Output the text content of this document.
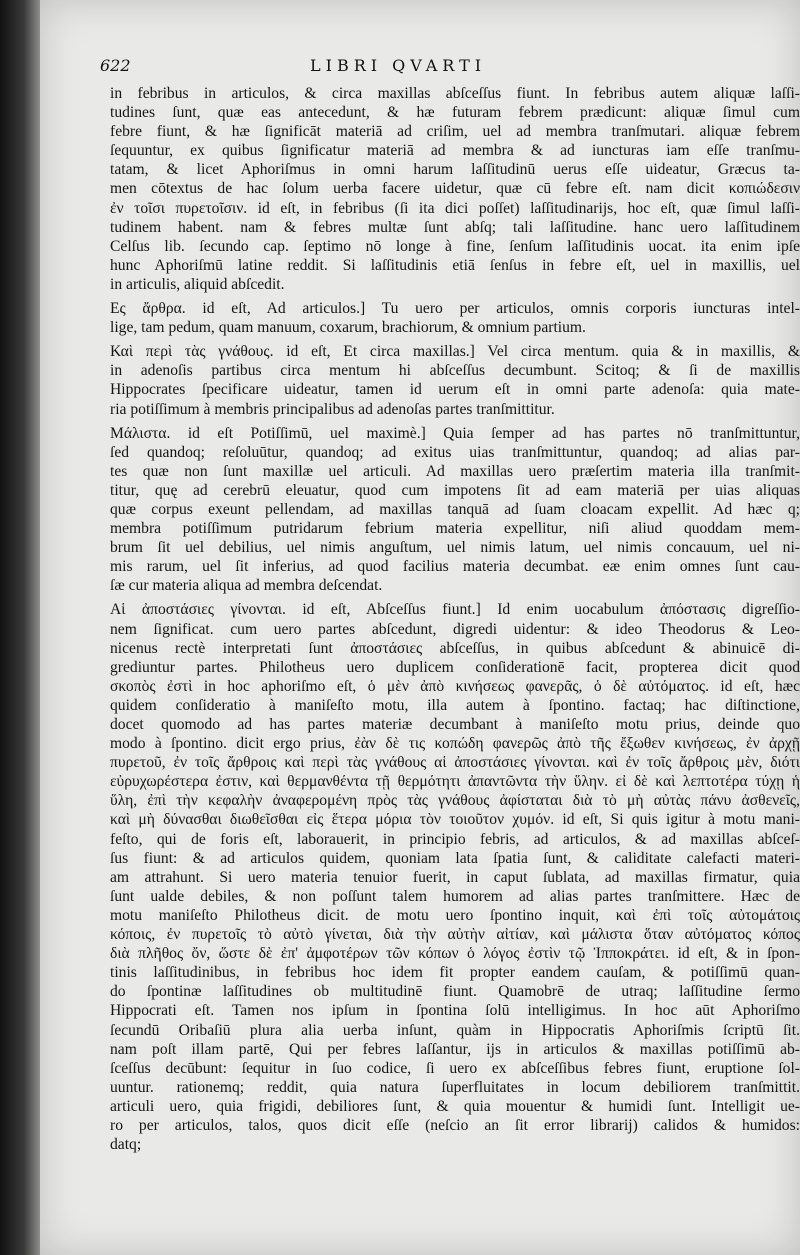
622	LIBRI QVARTI
in febribus in articulos, & circa maxillas abſceſſus fiunt. In febribus autem aliquæ laſſi-
tudines ſunt, quæ eas antecedunt, & hæ futuram febrem prædicunt: aliquæ ſimul cum
febre fiunt, & hæ ſignificāt materiā ad criſim, uel ad membra tranſmutari. aliquæ febrem
ſequuntur, ex quibus ſignificatur materiā ad membra & ad iuncturas iam eſſe tranſmu-
tatam, & licet Aphoriſmus in omni harum laſſitudinū uerus eſſe uideatur, Græcus ta-
men cōtextus de hac ſolum uerba facere uidetur, quæ cū febre eſt. nam dicit κοπιώδεσιν
ἐν τοῖσι πυρετοῖσιν. id eſt, in febribus (ſi ita dici poſſet) laſſitudinarijs, hoc eſt, quæ ſimul laſſi-
tudinem habent. nam & febres multæ ſunt abſq; tali laſſitudine. hanc uero laſſitudinem
Celſus lib. ſecundo cap. ſeptimo nō longe à fine, ſenſum laſſitudinis uocat. ita enim ipſe
hunc Aphoriſmū latine reddit. Si laſſitudinis etiā ſenſus in febre eſt, uel in maxillis, uel
in articulis, aliquid abſcedit.
Ες ἄρθρα. id eſt, Ad articulos.] Tu uero per articulos, omnis corporis iuncturas intel-
lige, tam pedum, quam manuum, coxarum, brachiorum, & omnium partium.
Καὶ περὶ τὰς γνάθους. id eſt, Et circa maxillas.] Vel circa mentum. quia & in maxillis, &
in adenoſis partibus circa mentum hi abſceſſus decumbunt. Scitoq; & ſi de maxillis
Hippocrates ſpecificare uideatur, tamen id uerum eſt in omni parte adenoſa: quia mate-
ria potiſſimum à membris principalibus ad adenoſas partes tranſmittitur.
Μάλιστα. id eſt Potiſſimū, uel maximè.] Quia ſemper ad has partes nō tranſmittuntur,
ſed quandoq; reſoluūtur, quandoq; ad exitus uias tranſmittuntur, quandoq; ad alias par-
tes quæ non ſunt maxillæ uel articuli. Ad maxillas uero præſertim materia illa tranſmit-
titur, quę ad cerebrū eleuatur, quod cum impotens ſit ad eam materiā per uias aliquas
quæ corpus exeunt pellendam, ad maxillas tanquā ad ſuam cloacam expellit. Ad hæc q;
membra potiſſimum putridarum febrium materia expellitur, niſi aliud quoddam mem-
brum ſit uel debilius, uel nimis anguſtum, uel nimis latum, uel nimis concauum, uel ni-
mis rarum, uel ſit inferius, ad quod facilius materia decumbat. eæ enim omnes ſunt cau-
ſæ cur materia aliqua ad membra deſcendat.
Αἱ ἀποστάσιες γίνονται. id eſt, Abſceſſus fiunt.] Id enim uocabulum ἀπόστασις digreſſio-
nem ſignificat. cum uero partes abſcedunt, digredi uidentur: & ideo Theodorus & Leo-
nicenus rectè interpretati ſunt ἀποστάσιες abſceſſus, in quibus abſcedunt & abinuicē di-
grediuntur partes. Philotheus uero duplicem conſiderationē facit, propterea dicit quod
σκοπὸς ἐστὶ in hoc aphoriſmo eſt, ὁ μὲν ἀπὸ κινήσεως φανερᾶς, ὁ δὲ αὐτόματος. id eſt, hæc
quidem conſideratio à maniſeſto motu, illa autem à ſpontino. factaq; hac diſtinctione,
docet quomodo ad has partes materiæ decumbant à maniſeſto motu prius, deinde quo
modo à ſpontino. dicit ergo prius, ἐὰν δὲ τις κοπώδη φανερῶς ἀπὸ τῆς ἔξωθεν κινήσεως, ἐν ἀρχῇ
πυρετοῦ, ἐν τοῖς ἄρθροις καὶ περὶ τὰς γνάθους αἱ ἀποστάσιες γίνονται. καὶ ἐν τοῖς ἄρθροις μὲν, διότι
εὐρυχωρέστερα ἐστιν, καὶ θερμανθέντα τῇ θερμότητι ἀπαντῶντα τὴν ὕλην. εἰ δὲ καὶ λεπτοτέρα τύχῃ ἡ
ὕλη, ἐπὶ τὴν κεφαλὴν ἀναφερομένη πρὸς τὰς γνάθους ἀφίσταται διὰ τὸ μὴ αὐτὰς πάνυ ἀσθενεῖς,
καὶ μὴ δύνασθαι διωθεῖσθαι εἰς ἕτερα μόρια τὸν τοιοῦτον χυμόν. id eſt, Si quis igitur à motu mani-
feſto, qui de foris eſt, laborauerit, in principio febris, ad articulos, & ad maxillas abſceſ-
ſus fiunt: & ad articulos quidem, quoniam lata ſpatia ſunt, & caliditate calefacti materi-
am attrahunt. Si uero materia tenuior fuerit, in caput ſublata, ad maxillas firmatur, quia
ſunt ualde debiles, & non poſſunt talem humorem ad alias partes tranſmittere. Hæc de
motu maniſeſto Philotheus dicit. de motu uero ſpontino inquit, καὶ ἐπὶ τοῖς αὐτομάτοις
κόποις, ἐν πυρετοῖς τὸ αὐτὸ γίνεται, διὰ τὴν αὐτὴν αἰτίαν, καὶ μάλιστα ὅταν αὐτόματος κόπος
διὰ πλῆθος ὄν, ὥστε δὲ ἐπ' ἀμφοτέρων τῶν κόπων ὁ λόγος ἐστὶν τῷ Ἱπποκράτει. id eſt, & in ſpon-
tinis laſſitudinibus, in febribus hoc idem fit propter eandem cauſam, & potiſſimū quan-
do ſpontinæ laſſitudines ob multitudinē fiunt. Quamobrē de utraq; laſſitudine ſermo
Hippocrati eſt. Tamen nos ipſum in ſpontina ſolū intelligimus. In hoc aūt Aphoriſmo
ſecundū Oribaſiū plura alia uerba inſunt, quàm in Hippocratis Aphoriſmis ſcriptū ſit.
nam poſt illam partē, Qui per febres laſſantur, ijs in articulos & maxillas potiſſimū ab-
ſceſſus decūbunt: ſequitur in ſuo codice, ſi uero ex abſceſſibus febres fiunt, eruptione ſol-
uuntur. rationemq; reddit, quia natura ſuperfluitates in locum debiliorem tranſmittit.
articuli uero, quia frigidi, debiliores ſunt, & quia mouentur & humidi ſunt. Intelligit ue-
ro per articulos, talos, quos dicit eſſe (neſcio an ſit error librarij) calidos & humidos:
datq;
